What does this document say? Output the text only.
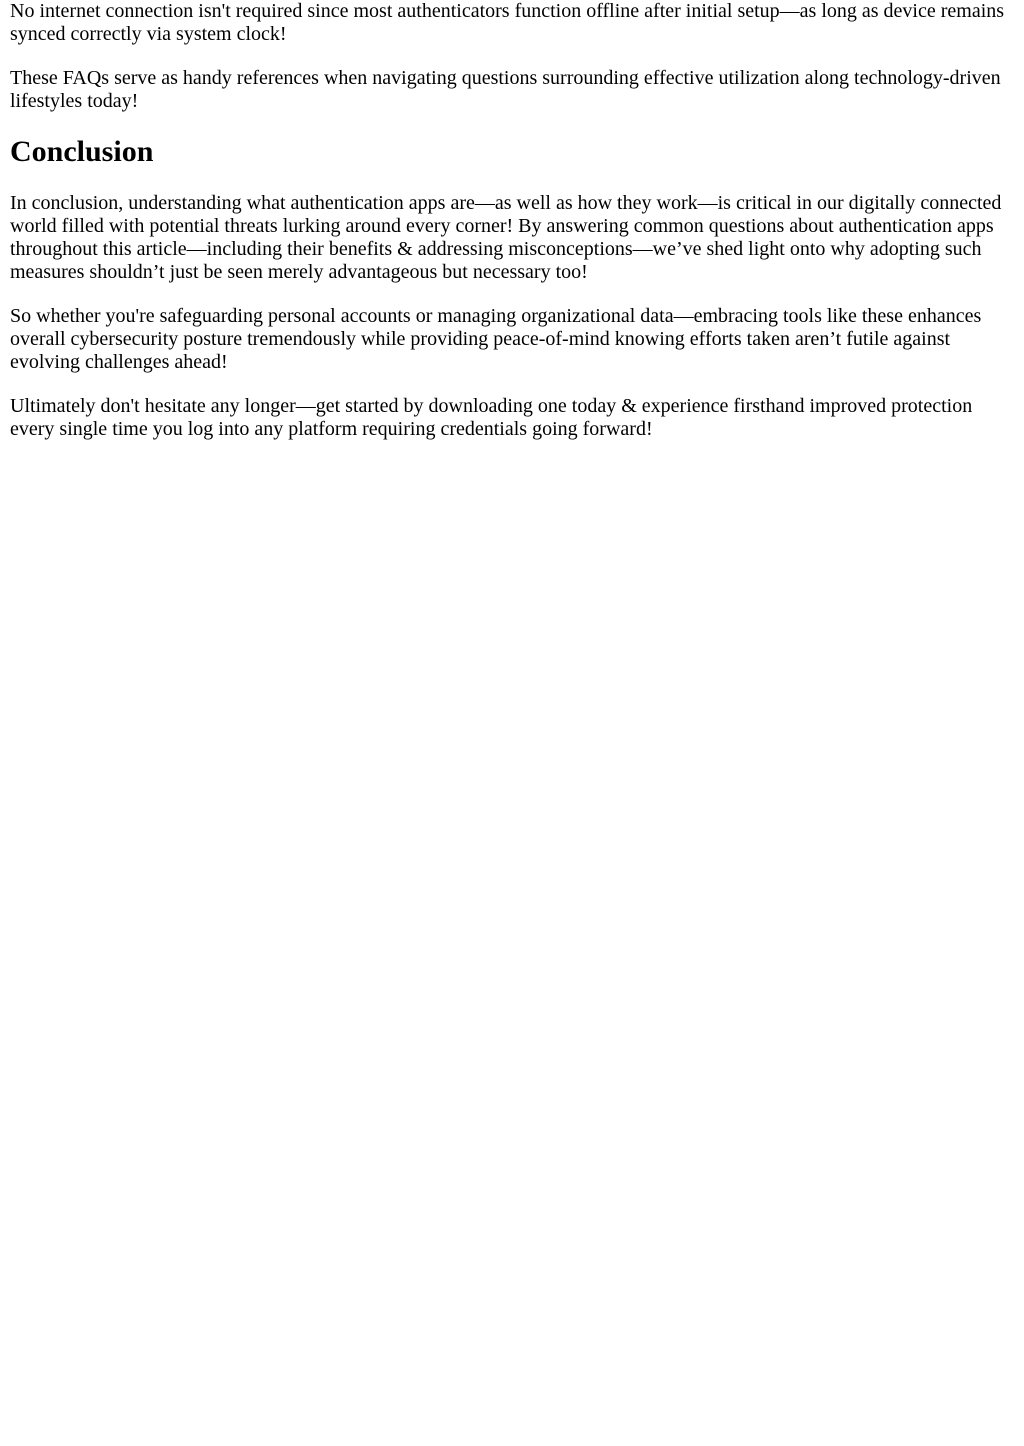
No internet connection isn't required since most authenticators function offline after initial setup—as long as device remains synced correctly via system clock!

These FAQs serve as handy references when navigating questions surrounding effective utilization along technology-driven lifestyles today!

Conclusion

In conclusion, understanding what authentication apps are—as well as how they work—is critical in our digitally connected world filled with potential threats lurking around every corner! By answering common questions about authentication apps throughout this article—including their benefits & addressing misconceptions—we’ve shed light onto why adopting such measures shouldn’t just be seen merely advantageous but necessary too!

So whether you're safeguarding personal accounts or managing organizational data—embracing tools like these enhances overall cybersecurity posture tremendously while providing peace-of-mind knowing efforts taken aren’t futile against evolving challenges ahead!

Ultimately don't hesitate any longer—get started by downloading one today & experience firsthand improved protection every single time you log into any platform requiring credentials going forward!
